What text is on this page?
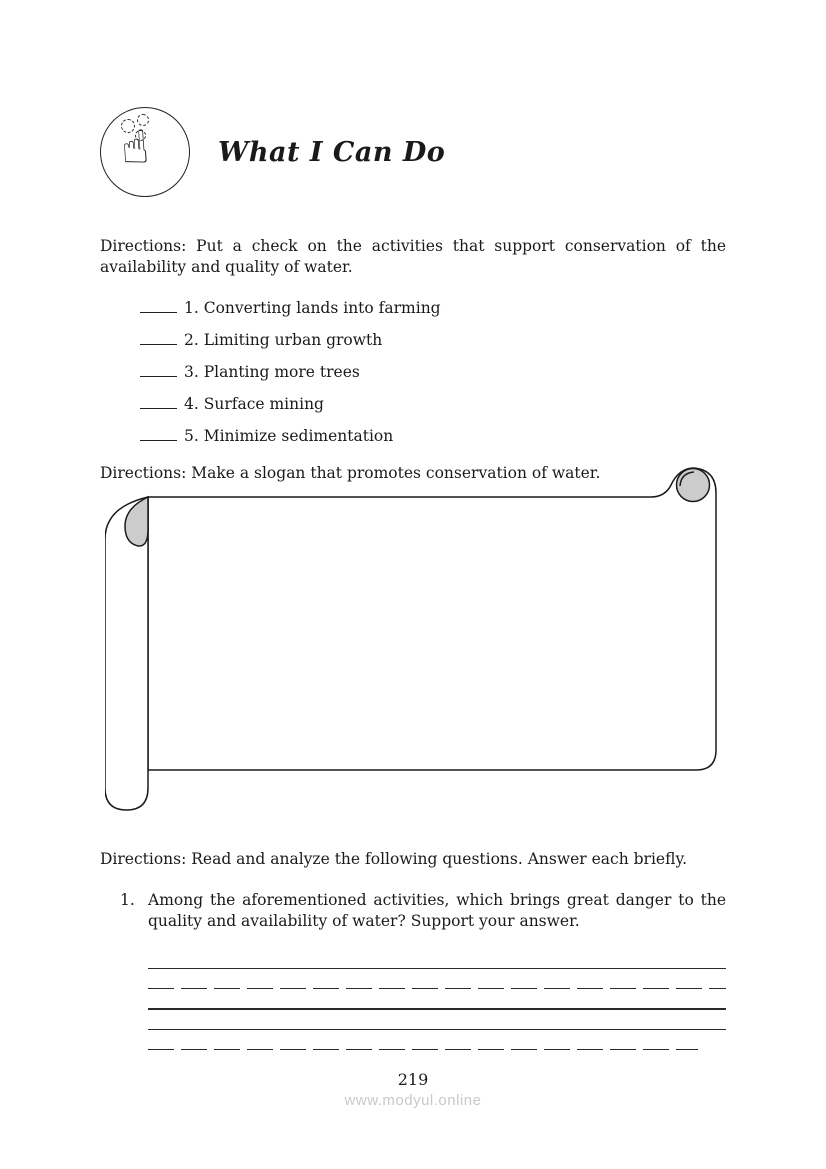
☝ What I Can Do

Directions: Put a check on the activities that support conservation of the availability and quality of water.

1. Converting lands into farming
2. Limiting urban growth
3. Planting more trees
4. Surface mining
5. Minimize sedimentation

Directions: Make a slogan that promotes conservation of water.

Directions: Read and analyze the following questions. Answer each briefly.

1. Among the aforementioned activities, which brings great danger to the quality and availability of water? Support your answer.
219
www.modyul.online
